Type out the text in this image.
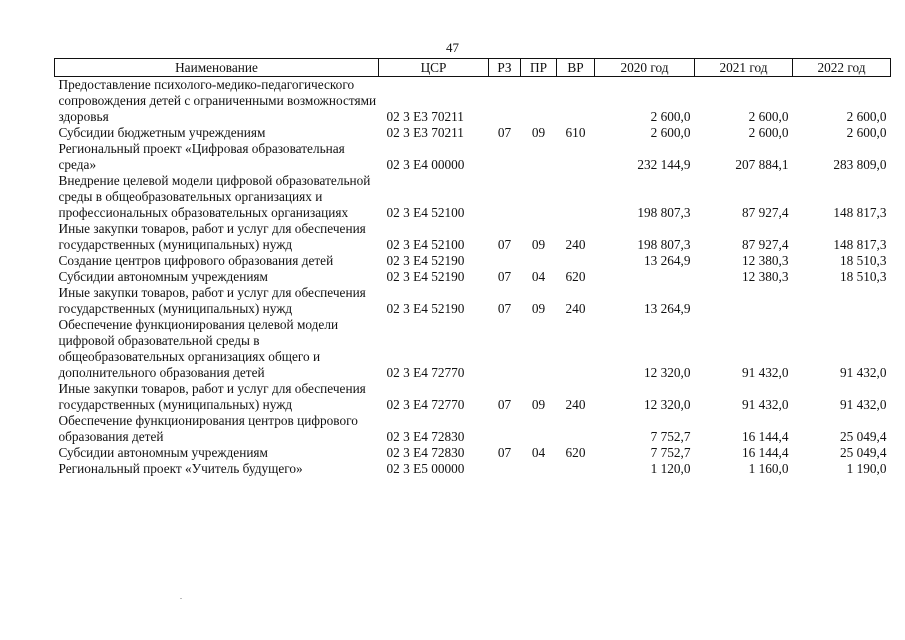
47
Наименование	ЦСР	РЗ	ПР	ВР	2020 год	2021 год	2022 год
Предоставление психолого-медико-педагогического сопровождения детей с ограниченными возможностями здоровья	02 3 Е3 70211				2 600,0	2 600,0	2 600,0
Субсидии бюджетным учреждениям	02 3 Е3 70211	07	09	610	2 600,0	2 600,0	2 600,0
Региональный проект «Цифровая образовательная среда»	02 3 Е4 00000				232 144,9	207 884,1	283 809,0
Внедрение целевой модели цифровой образовательной среды в общеобразовательных организациях и профессиональных образовательных организациях	02 3 Е4 52100				198 807,3	87 927,4	148 817,3
Иные закупки товаров, работ и услуг для обеспечения государственных (муниципальных) нужд	02 3 Е4 52100	07	09	240	198 807,3	87 927,4	148 817,3
Создание центров цифрового образования детей	02 3 Е4 52190				13 264,9	12 380,3	18 510,3
Субсидии автономным учреждениям	02 3 Е4 52190	07	04	620		12 380,3	18 510,3
Иные закупки товаров, работ и услуг для обеспечения государственных (муниципальных) нужд	02 3 Е4 52190	07	09	240	13 264,9		
Обеспечение функционирования целевой модели цифровой образовательной среды в общеобразовательных организациях общего и дополнительного образования детей	02 3 Е4 72770				12 320,0	91 432,0	91 432,0
Иные закупки товаров, работ и услуг для обеспечения государственных (муниципальных) нужд	02 3 Е4 72770	07	09	240	12 320,0	91 432,0	91 432,0
Обеспечение функционирования центров цифрового образования детей	02 3 Е4 72830				7 752,7	16 144,4	25 049,4
Субсидии автономным учреждениям	02 3 Е4 72830	07	04	620	7 752,7	16 144,4	25 049,4
Региональный проект «Учитель будущего»	02 3 Е5 00000				1 120,0	1 160,0	1 190,0
